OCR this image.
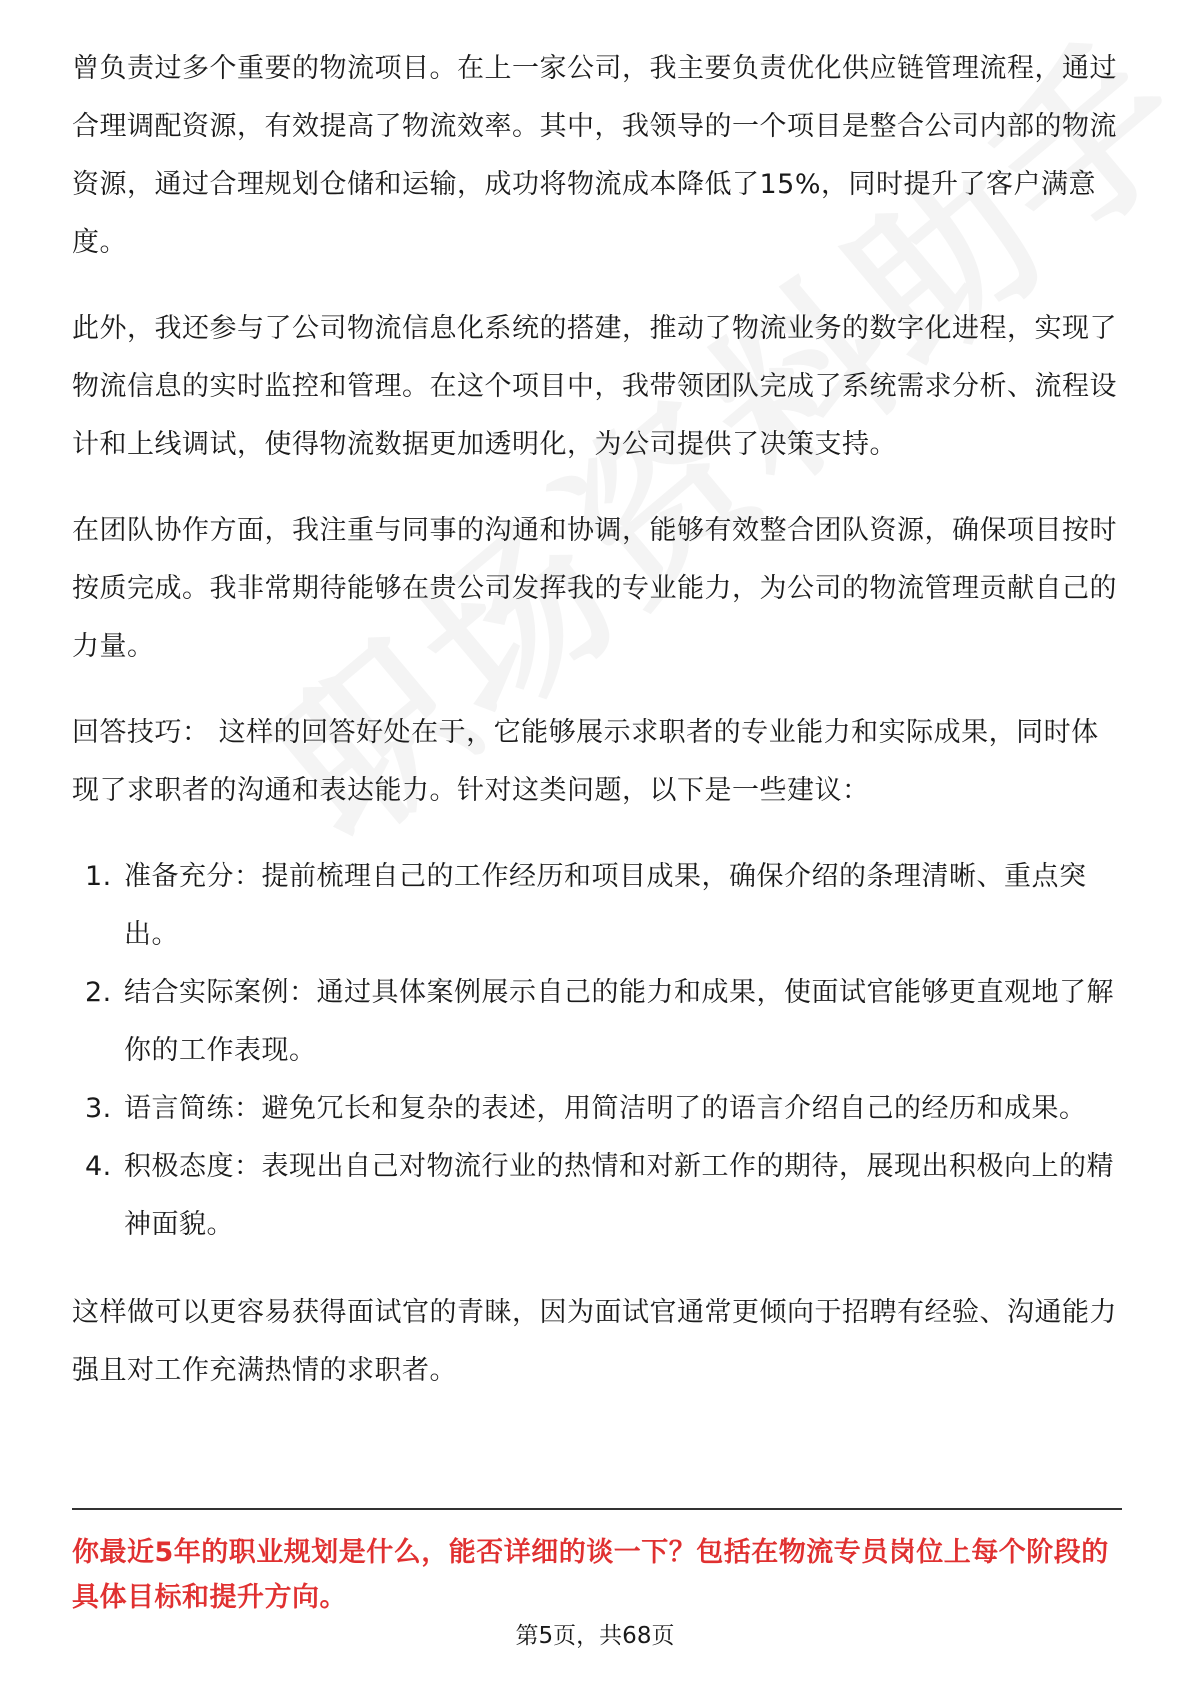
曾负责过多个重要的物流项目。在上一家公司，我主要负责优化供应链管理流程，通过合理调配资源，有效提高了物流效率。其中，我领导的一个项目是整合公司内部的物流资源，通过合理规划仓储和运输，成功将物流成本降低了15%，同时提升了客户满意度。

此外，我还参与了公司物流信息化系统的搭建，推动了物流业务的数字化进程，实现了物流信息的实时监控和管理。在这个项目中，我带领团队完成了系统需求分析、流程设计和上线调试，使得物流数据更加透明化，为公司提供了决策支持。

在团队协作方面，我注重与同事的沟通和协调，能够有效整合团队资源，确保项目按时按质完成。我非常期待能够在贵公司发挥我的专业能力，为公司的物流管理贡献自己的力量。

回答技巧： 这样的回答好处在于，它能够展示求职者的专业能力和实际成果，同时体现了求职者的沟通和表达能力。针对这类问题，以下是一些建议：

1. 准备充分：提前梳理自己的工作经历和项目成果，确保介绍的条理清晰、重点突出。
2. 结合实际案例：通过具体案例展示自己的能力和成果，使面试官能够更直观地了解你的工作表现。
3. 语言简练：避免冗长和复杂的表述，用简洁明了的语言介绍自己的经历和成果。
4. 积极态度：表现出自己对物流行业的热情和对新工作的期待，展现出积极向上的精神面貌。

这样做可以更容易获得面试官的青睐，因为面试官通常更倾向于招聘有经验、沟通能力强且对工作充满热情的求职者。

你最近5年的职业规划是什么，能否详细的谈一下？包括在物流专员岗位上每个阶段的具体目标和提升方向。
第5页，共68页
